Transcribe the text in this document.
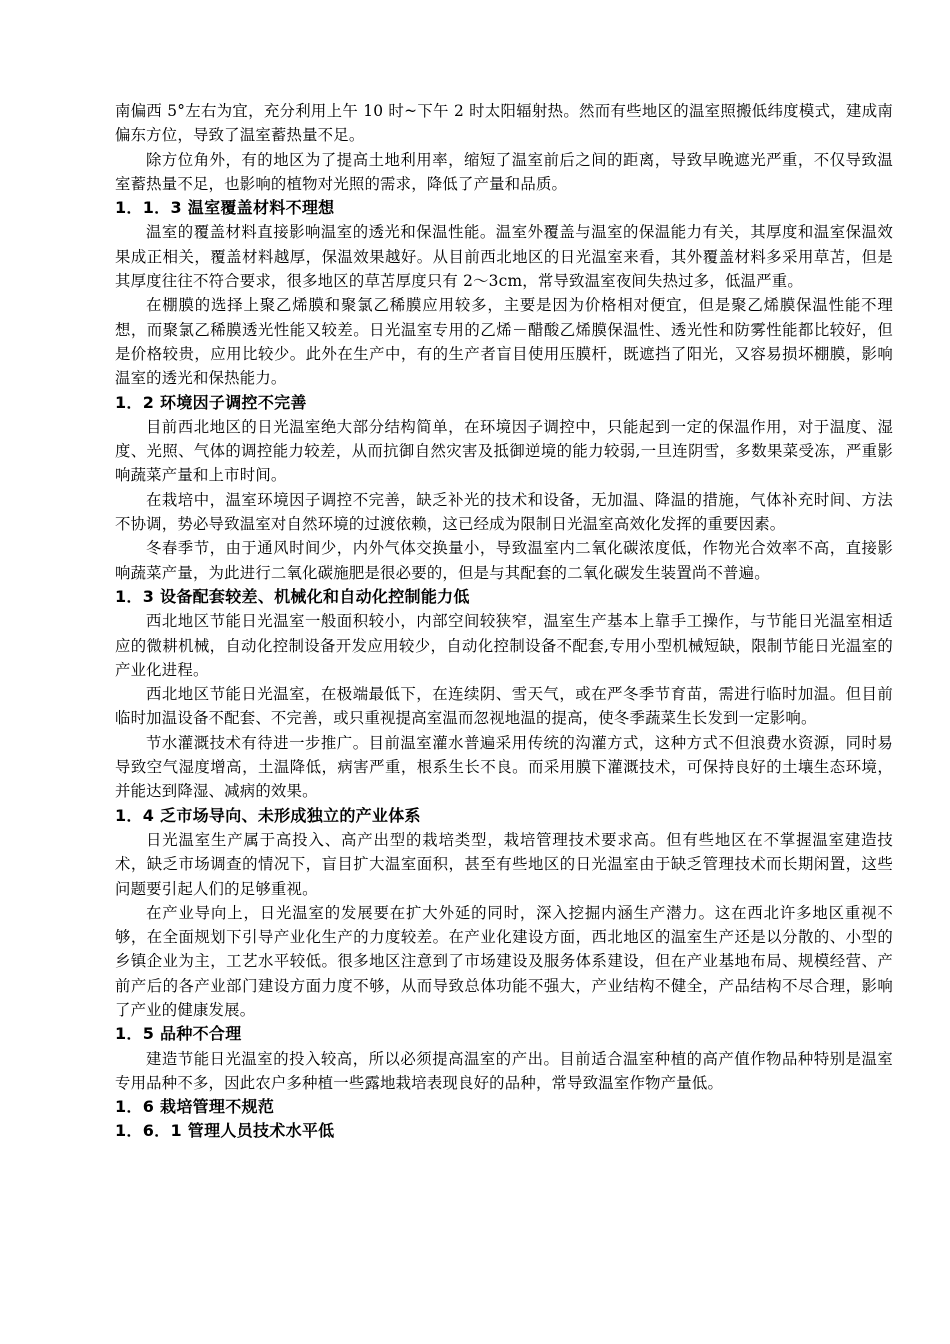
南偏西 5°左右为宜，充分利用上午 10 时~下午 2 时太阳辐射热。然而有些地区的温室照搬低纬度模式，建成南偏东方位，导致了温室蓄热量不足。

除方位角外，有的地区为了提高土地利用率，缩短了温室前后之间的距离，导致早晚遮光严重，不仅导致温室蓄热量不足，也影响的植物对光照的需求，降低了产量和品质。

1．1．3 温室覆盖材料不理想

温室的覆盖材料直接影响温室的透光和保温性能。温室外覆盖与温室的保温能力有关，其厚度和温室保温效果成正相关，覆盖材料越厚，保温效果越好。从目前西北地区的日光温室来看，其外覆盖材料多采用草苫，但是其厚度往往不符合要求，很多地区的草苫厚度只有 2～3cm，常导致温室夜间失热过多，低温严重。

在棚膜的选择上聚乙烯膜和聚氯乙稀膜应用较多，主要是因为价格相对便宜，但是聚乙烯膜保温性能不理想，而聚氯乙稀膜透光性能又较差。日光温室专用的乙烯－醋酸乙烯膜保温性、透光性和防雾性能都比较好，但是价格较贵，应用比较少。此外在生产中，有的生产者盲目使用压膜杆，既遮挡了阳光，又容易损坏棚膜，影响温室的透光和保热能力。

1．2 环境因子调控不完善

目前西北地区的日光温室绝大部分结构简单，在环境因子调控中，只能起到一定的保温作用，对于温度、湿度、光照、气体的调控能力较差，从而抗御自然灾害及抵御逆境的能力较弱,一旦连阴雪，多数果菜受冻，严重影响蔬菜产量和上市时间。

在栽培中，温室环境因子调控不完善，缺乏补光的技术和设备，无加温、降温的措施，气体补充时间、方法不协调，势必导致温室对自然环境的过渡依赖，这已经成为限制日光温室高效化发挥的重要因素。

冬春季节，由于通风时间少，内外气体交换量小，导致温室内二氧化碳浓度低，作物光合效率不高，直接影响蔬菜产量，为此进行二氧化碳施肥是很必要的，但是与其配套的二氧化碳发生装置尚不普遍。

1．3 设备配套较差、机械化和自动化控制能力低

西北地区节能日光温室一般面积较小，内部空间较狭窄，温室生产基本上靠手工操作，与节能日光温室相适应的微耕机械，自动化控制设备开发应用较少，自动化控制设备不配套,专用小型机械短缺，限制节能日光温室的产业化进程。

西北地区节能日光温室，在极端最低下，在连续阴、雪天气，或在严冬季节育苗，需进行临时加温。但目前临时加温设备不配套、不完善，或只重视提高室温而忽视地温的提高，使冬季蔬菜生长发到一定影响。

节水灌溉技术有待进一步推广。目前温室灌水普遍采用传统的沟灌方式，这种方式不但浪费水资源，同时易导致空气湿度增高，土温降低，病害严重，根系生长不良。而采用膜下灌溉技术，可保持良好的土壤生态环境，并能达到降湿、减病的效果。

1．4 乏市场导向、未形成独立的产业体系

日光温室生产属于高投入、高产出型的栽培类型，栽培管理技术要求高。但有些地区在不掌握温室建造技术，缺乏市场调查的情况下，盲目扩大温室面积，甚至有些地区的日光温室由于缺乏管理技术而长期闲置，这些问题要引起人们的足够重视。

在产业导向上，日光温室的发展要在扩大外延的同时，深入挖掘内涵生产潜力。这在西北许多地区重视不够，在全面规划下引导产业化生产的力度较差。在产业化建设方面，西北地区的温室生产还是以分散的、小型的乡镇企业为主，工艺水平较低。很多地区注意到了市场建设及服务体系建设，但在产业基地布局、规模经营、产前产后的各产业部门建设方面力度不够，从而导致总体功能不强大，产业结构不健全，产品结构不尽合理，影响了产业的健康发展。

1．5 品种不合理

建造节能日光温室的投入较高，所以必须提高温室的产出。目前适合温室种植的高产值作物品种特别是温室专用品种不多，因此农户多种植一些露地栽培表现良好的品种，常导致温室作物产量低。

1．6 栽培管理不规范
1．6．1 管理人员技术水平低
